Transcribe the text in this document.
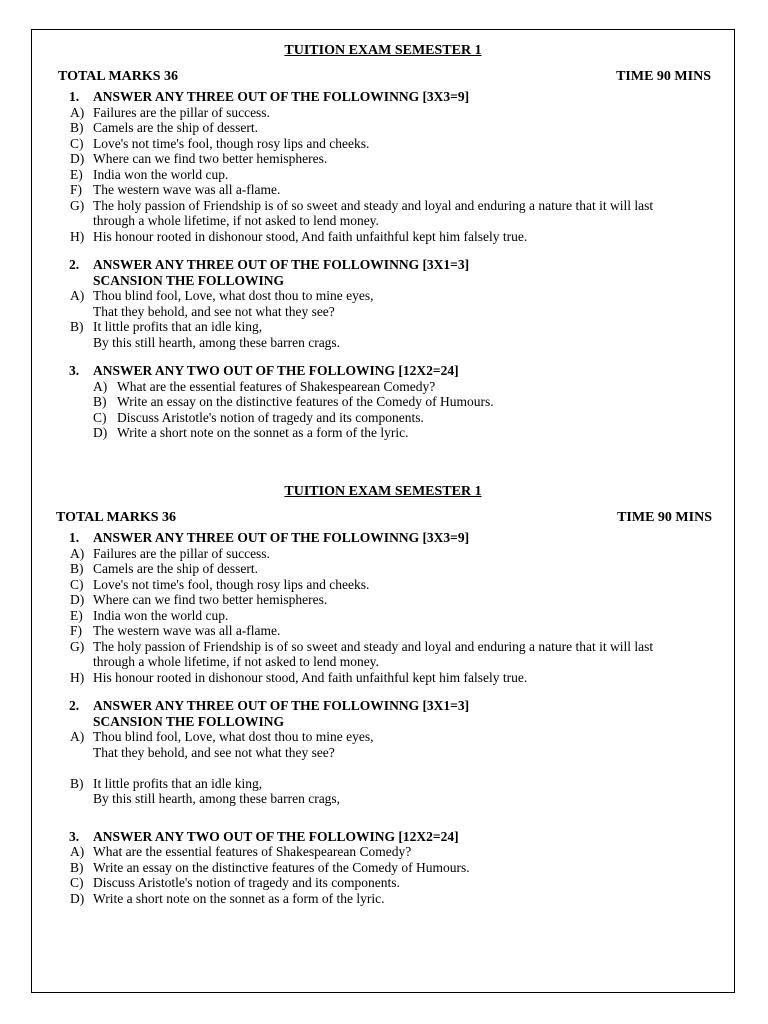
TUITION EXAM SEMESTER 1
TOTAL MARKS 36	TIME 90 MINS
1. ANSWER ANY THREE OUT OF THE FOLLOWINNG [3X3=9]
A) Failures are the pillar of success.
B) Camels are the ship of dessert.
C) Love's not time's fool, though rosy lips and cheeks.
D) Where can we find two better hemispheres.
E) India won the world cup.
F) The western wave was all a-flame.
G) The holy passion of Friendship is of so sweet and steady and loyal and enduring a nature that it will last through a whole lifetime, if not asked to lend money.
H) His honour rooted in dishonour stood, And faith unfaithful kept him falsely true.
2. ANSWER ANY THREE OUT OF THE FOLLOWINNG [3X1=3]
SCANSION THE FOLLOWING
A) Thou blind fool, Love, what dost thou to mine eyes,
That they behold, and see not what they see?
B) It little profits that an idle king,
By this still hearth, among these barren crags.
3. ANSWER ANY TWO OUT OF THE FOLLOWING [12X2=24]
A) What are the essential features of Shakespearean Comedy?
B) Write an essay on the distinctive features of the Comedy of Humours.
C) Discuss Aristotle's notion of tragedy and its components.
D) Write a short note on the sonnet as a form of the lyric.
TUITION EXAM SEMESTER 1
TOTAL MARKS 36	TIME 90 MINS
1. ANSWER ANY THREE OUT OF THE FOLLOWINNG [3X3=9]
A) Failures are the pillar of success.
B) Camels are the ship of dessert.
C) Love's not time's fool, though rosy lips and cheeks.
D) Where can we find two better hemispheres.
E) India won the world cup.
F) The western wave was all a-flame.
G) The holy passion of Friendship is of so sweet and steady and loyal and enduring a nature that it will last through a whole lifetime, if not asked to lend money.
H) His honour rooted in dishonour stood, And faith unfaithful kept him falsely true.
2. ANSWER ANY THREE OUT OF THE FOLLOWINNG [3X1=3]
SCANSION THE FOLLOWING
A) Thou blind fool, Love, what dost thou to mine eyes,
That they behold, and see not what they see?
B) It little profits that an idle king,
By this still hearth, among these barren crags,
3. ANSWER ANY TWO OUT OF THE FOLLOWING [12X2=24]
A) What are the essential features of Shakespearean Comedy?
B) Write an essay on the distinctive features of the Comedy of Humours.
C) Discuss Aristotle's notion of tragedy and its components.
D) Write a short note on the sonnet as a form of the lyric.
